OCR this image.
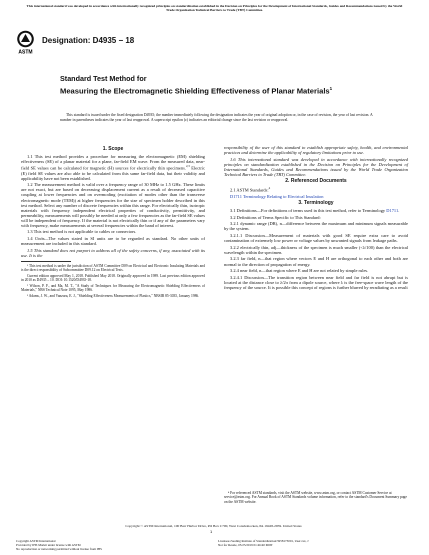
This international standard was developed in accordance with internationally recognized principles on standardization established in the Decision on Principles for the Development of International Standards, Guides and Recommendations issued by the World Trade Organization Technical Barriers to Trade (TBT) Committee.
ASTM
Designation: D4935 − 18
Standard Test Method for
Measuring the Electromagnetic Shielding Effectiveness of Planar Materials$^1$
This standard is issued under the fixed designation D4935; the number immediately following the designation indicates the year of original adoption or, in the case of revision, the year of last revision. A number in parentheses indicates the year of last reapproval. A superscript epsilon (ε) indicates an editorial change since the last revision or reapproval.
1. Scope

1.1 This test method provides a procedure for measuring the electromagnetic (EM) shielding effectiveness (SE) of a planar material for a plane, far-field EM wave. From the measured data, near-field SE values can be calculated for magnetic (H) sources for electrically thin specimens.$^{2,3}$ Electric (E) field SE values are also able to be calculated from this same far-field data, but their validity and applicability have not been established.

1.2 The measurement method is valid over a frequency range of 30 MHz to 1.5 GHz. These limits are not exact, but are based on decreasing displacement current as a result of decreased capacitive coupling at lower frequencies and on overmoding (excitation of modes other than the transverse electromagnetic mode (TEM)) at higher frequencies for the size of specimen holder described in this test method. Select any number of discrete frequencies within this range. For electrically thin, isotropic materials with frequency independent electrical properties of conductivity, permittivity, and permeability, measurements will possibly be needed at only a few frequencies as the far-field SE values will be independent of frequency. If the material is not electrically thin or if any of the parameters vary with frequency, make measurements at several frequencies within the band of interest.

1.3 This test method is not applicable to cables or connectors.

1.4 Units—The values stated in SI units are to be regarded as standard. No other units of measurement are included in this standard.

1.5 This standard does not purport to address all of the safety concerns, if any, associated with its use. It is the

¹ This test method is under the jurisdiction of ASTM Committee D09 on Electrical and Electronic Insulating Materials and is the direct responsibility of Subcommittee D09.12 on Electrical Tests.

Current edition approved May 1, 2018. Published May 2018. Originally approved in 1989. Last previous edition approved in 2010 as D4935 – 10. DOI: 10.1520/D4935-18.

² Wilson, P. F., and Ma, M. T., "A Study of Techniques for Measuring the Electromagnetic Shielding Effectiveness of Materials," NBS Technical Note 1095, May 1986.

³ Adams, J. W., and Vanzura, E. J., "Shielding Effectiveness Measurements of Plastics," NBSIR 85-3035, January 1986.

responsibility of the user of this standard to establish appropriate safety, health, and environmental practices and determine the applicability of regulatory limitations prior to use.

1.6 This international standard was developed in accordance with internationally recognized principles on standardization established in the Decision on Principles for the Development of International Standards, Guides and Recommendations issued by the World Trade Organization Technical Barriers to Trade (TBT) Committee.

2. Referenced Documents

2.1 ASTM Standards:$^4$

D1711 Terminology Relating to Electrical Insulation

3. Terminology

3.1 Definitions—For definitions of terms used in this test method, refer to Terminology D1711.

3.2 Definitions of Terms Specific to This Standard:

3.2.1 dynamic range (DR), n—difference between the maximum and minimum signals measurable by the system.

3.2.1.1 Discussion—Measurement of materials with good SE require extra care to avoid contamination of extremely low power or voltage values by unwanted signals from leakage paths.

3.2.2 electrically thin, adj—thickness of the specimen is much smaller (<λ/100) than the electrical wavelength within the specimen.

3.2.3 far field, n—that region where vectors E and H are orthogonal to each other and both are normal to the direction of propagation of energy.

3.2.4 near field, n—that region where E and H are not related by simple rules.

3.2.4.1 Discussion—The transition region between near field and far field is not abrupt but is located at the distance close to λ/2π from a dipole source, where λ is the free-space wave length of the frequency of the source. It is possible this concept of regions is further blurred by reradiating as a result

⁴ For referenced ASTM standards, visit the ASTM website, www.astm.org, or contact ASTM Customer Service at service@astm.org. For Annual Book of ASTM Standards volume information, refer to the standard's Document Summary page on the ASTM website.

Copyright © ASTM International, 100 Barr Harbor Drive, PO Box C700, West Conshohocken, PA 19428-2959. United States
1
Copyright ASTM International
Provided by IHS Markit under license with ASTM
No reproduction or networking permitted without license from IHS
Licensee=Sealing Institute of Standardization/5958173001, User=xx, J
Not for Resale, 05/25/2019 01:46:40 MDT
